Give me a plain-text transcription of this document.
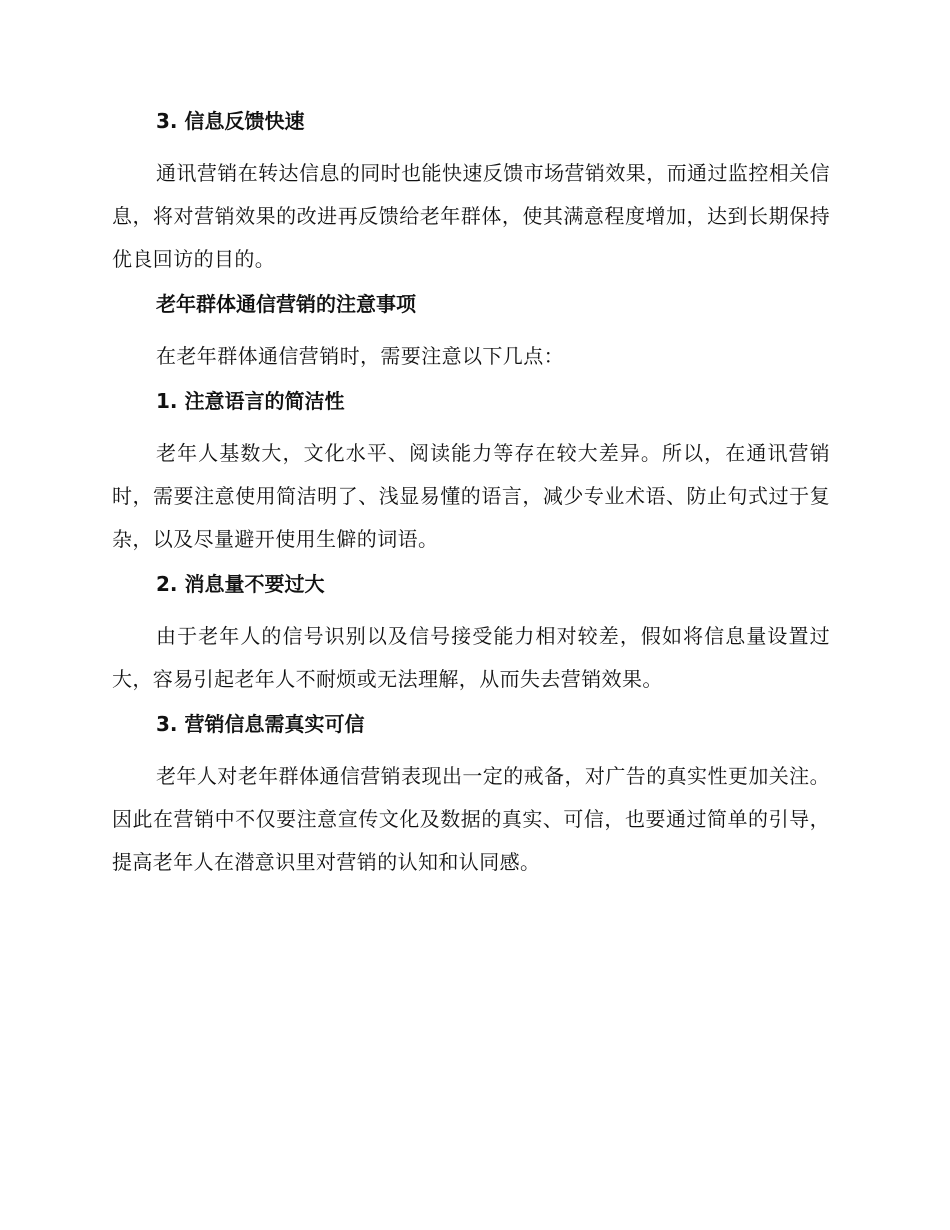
3. 信息反馈快速

通讯营销在转达信息的同时也能快速反馈市场营销效果，而通过监控相关信息，将对营销效果的改进再反馈给老年群体，使其满意程度增加，达到长期保持优良回访的目的。

老年群体通信营销的注意事项

在老年群体通信营销时，需要注意以下几点：

1. 注意语言的简洁性

老年人基数大，文化水平、阅读能力等存在较大差异。所以，在通讯营销时，需要注意使用简洁明了、浅显易懂的语言，减少专业术语、防止句式过于复杂，以及尽量避开使用生僻的词语。

2. 消息量不要过大

由于老年人的信号识别以及信号接受能力相对较差，假如将信息量设置过大，容易引起老年人不耐烦或无法理解，从而失去营销效果。

3. 营销信息需真实可信

老年人对老年群体通信营销表现出一定的戒备，对广告的真实性更加关注。因此在营销中不仅要注意宣传文化及数据的真实、可信，也要通过简单的引导，提高老年人在潜意识里对营销的认知和认同感。
